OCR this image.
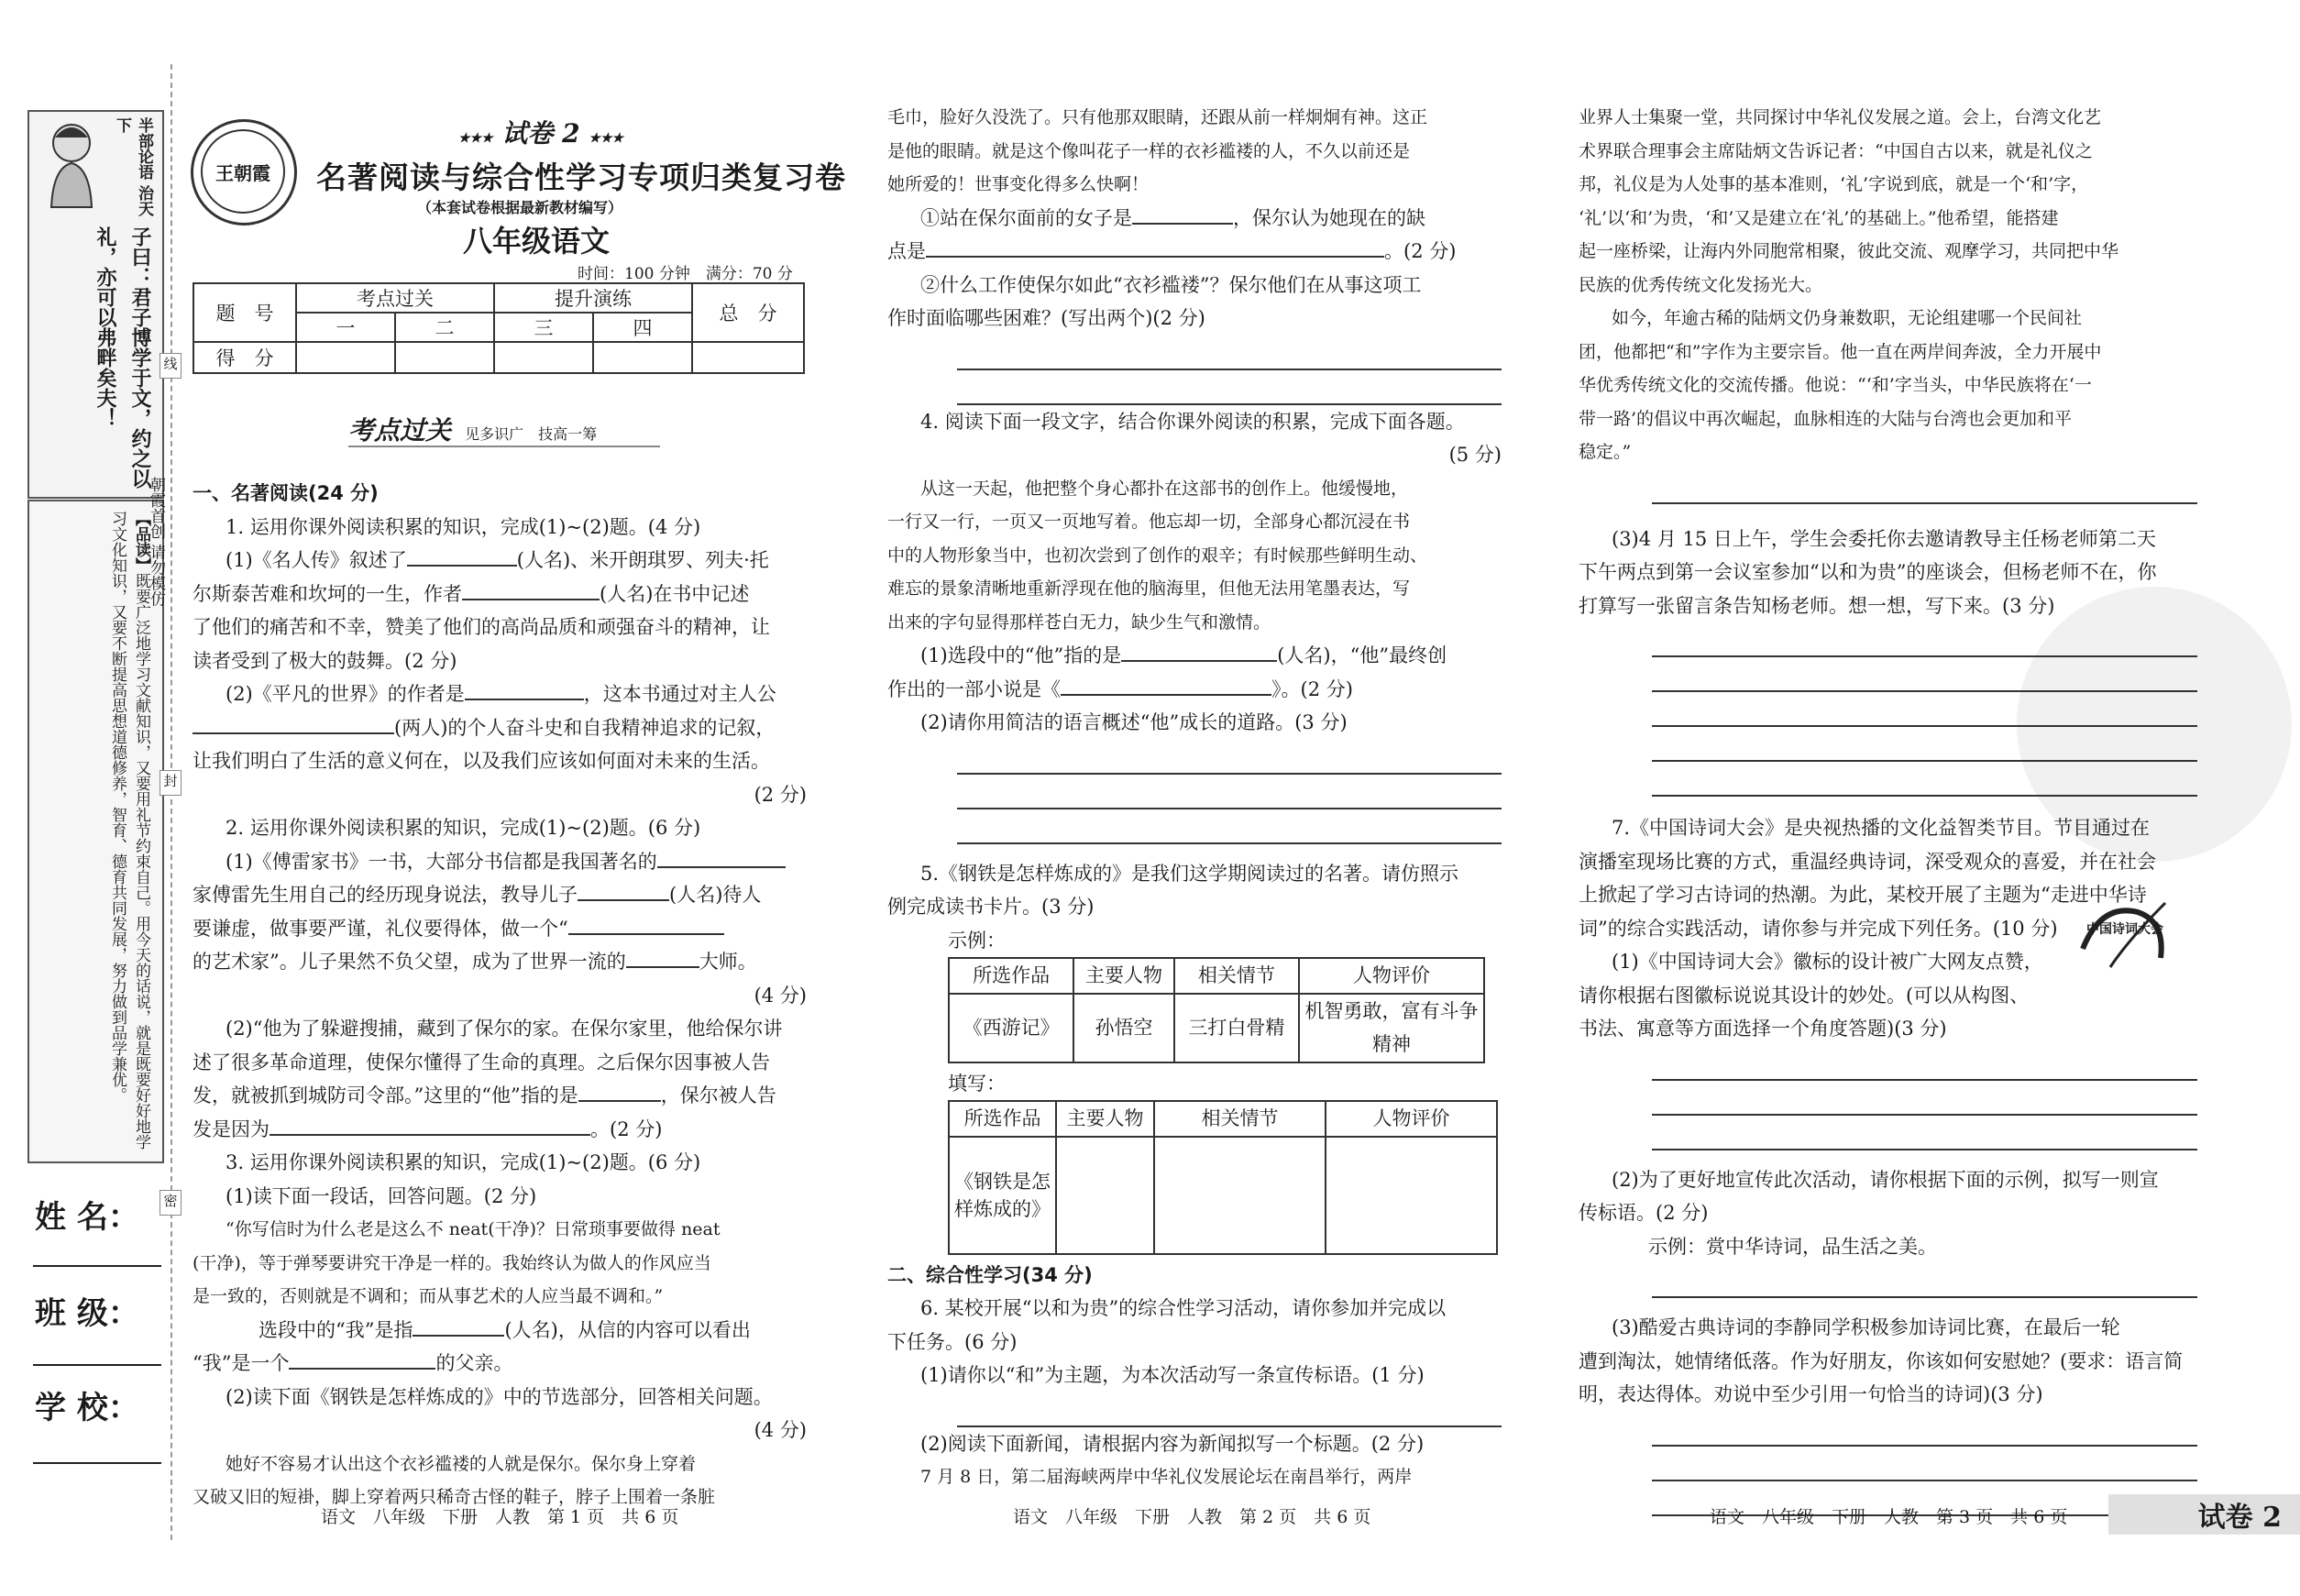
半部论语 治天下
子曰：君子博学于文，约之以礼，亦可以弗畔矣夫！
【品读】既要广泛地学习文献知识，又要用礼节约束自己。用今天的话说，就是既要好好地学习文化知识，又要不断提高思想道德修养，智育、德育共同发展，努力做到品学兼优。	朝霞首创 请勿模仿
姓 名：
班 级：
学 校：
线
封
密
王朝霞
★★★ 试卷 2 ★★★
名著阅读与综合性学习专项归类复习卷
（本套试卷根据最新教材编写）
八年级语文
时间：100 分钟　满分：70 分
题　号	考点过关		提升演练		总　分
	一	二	三	四	
得　分					
考点过关 见多识广　技高一筹
一、名著阅读(24 分)
1. 运用你课外阅读积累的知识，完成(1)~(2)题。(4 分)
(1)《名人传》叙述了	(人名)、米开朗琪罗、列夫·托
尔斯泰苦难和坎坷的一生，作者	(人名)在书中记述
了他们的痛苦和不幸，赞美了他们的高尚品质和顽强奋斗的精神，让
读者受到了极大的鼓舞。(2 分)
(2)《平凡的世界》的作者是	，这本书通过对主人公
(两人)的个人奋斗史和自我精神追求的记叙，
让我们明白了生活的意义何在，以及我们应该如何面对未来的生活。
(2 分)
2. 运用你课外阅读积累的知识，完成(1)~(2)题。(6 分)
(1)《傅雷家书》一书，大部分书信都是我国著名的
家傅雷先生用自己的经历现身说法，教导儿子	(人名)待人
要谦虚，做事要严谨，礼仪要得体，做一个“
的艺术家”。儿子果然不负父望，成为了世界一流的	大师。
(4 分)
(2)“他为了躲避搜捕，藏到了保尔的家。在保尔家里，他给保尔讲
述了很多革命道理，使保尔懂得了生命的真理。之后保尔因事被人告
发，就被抓到城防司令部。”这里的“他”指的是	，保尔被人告
发是因为	。(2 分)
3. 运用你课外阅读积累的知识，完成(1)~(2)题。(6 分)
(1)读下面一段话，回答问题。(2 分)
“你写信时为什么老是这么不 neat(干净)？日常琐事要做得 neat
(干净)，等于弹琴要讲究干净是一样的。我始终认为做人的作风应当
是一致的，否则就是不调和；而从事艺术的人应当最不调和。”
选段中的“我”是指	(人名)，从信的内容可以看出
“我”是一个	的父亲。
(2)读下面《钢铁是怎样炼成的》中的节选部分，回答相关问题。
(4 分)
她好不容易才认出这个衣衫褴褛的人就是保尔。保尔身上穿着
又破又旧的短褂，脚上穿着两只稀奇古怪的鞋子，脖子上围着一条脏
毛巾，脸好久没洗了。只有他那双眼睛，还跟从前一样炯炯有神。这正
是他的眼睛。就是这个像叫花子一样的衣衫褴褛的人，不久以前还是
她所爱的！世事变化得多么快啊！
①站在保尔面前的女子是	，保尔认为她现在的缺
点是	。(2 分)
②什么工作使保尔如此“衣衫褴褛”？保尔他们在从事这项工
作时面临哪些困难？(写出两个)(2 分)
4. 阅读下面一段文字，结合你课外阅读的积累，完成下面各题。
(5 分)
从这一天起，他把整个身心都扑在这部书的创作上。他缓慢地，
一行又一行，一页又一页地写着。他忘却一切，全部身心都沉浸在书
中的人物形象当中，也初次尝到了创作的艰辛；有时候那些鲜明生动、
难忘的景象清晰地重新浮现在他的脑海里，但他无法用笔墨表达，写
出来的字句显得那样苍白无力，缺少生气和激情。
(1)选段中的“他”指的是	(人名)，“他”最终创
作出的一部小说是《	》。(2 分)
(2)请你用简洁的语言概述“他”成长的道路。(3 分)
5.《钢铁是怎样炼成的》是我们这学期阅读过的名著。请仿照示
例完成读书卡片。(3 分)
示例：
所选作品	主要人物	相关情节	人物评价
《西游记》	孙悟空	三打白骨精	机智勇敢，富有斗争精神
填写：
所选作品	主要人物	相关情节	人物评价
《钢铁是怎样炼成的》			
二、综合性学习(34 分)
6. 某校开展“以和为贵”的综合性学习活动，请你参加并完成以
下任务。(6 分)
(1)请你以“和”为主题，为本次活动写一条宣传标语。(1 分)
(2)阅读下面新闻，请根据内容为新闻拟写一个标题。(2 分)
7 月 8 日，第二届海峡两岸中华礼仪发展论坛在南昌举行，两岸
业界人士集聚一堂，共同探讨中华礼仪发展之道。会上，台湾文化艺
术界联合理事会主席陆炳文告诉记者：“中国自古以来，就是礼仪之
邦，礼仪是为人处事的基本准则，‘礼’字说到底，就是一个‘和’字，
‘礼’以‘和’为贵，‘和’又是建立在‘礼’的基础上。”他希望，能搭建
起一座桥梁，让海内外同胞常相聚，彼此交流、观摩学习，共同把中华
民族的优秀传统文化发扬光大。
如今，年逾古稀的陆炳文仍身兼数职，无论组建哪一个民间社
团，他都把“和”字作为主要宗旨。他一直在两岸间奔波，全力开展中
华优秀传统文化的交流传播。他说：“‘和’字当头，中华民族将在‘一
带一路’的倡议中再次崛起，血脉相连的大陆与台湾也会更加和平
稳定。”
(3)4 月 15 日上午，学生会委托你去邀请教导主任杨老师第二天
下午两点到第一会议室参加“以和为贵”的座谈会，但杨老师不在，你
打算写一张留言条告知杨老师。想一想，写下来。(3 分)
7.《中国诗词大会》是央视热播的文化益智类节目。节目通过在
演播室现场比赛的方式，重温经典诗词，深受观众的喜爱，并在社会
上掀起了学习古诗词的热潮。为此，某校开展了主题为“走进中华诗
词”的综合实践活动，请你参与并完成下列任务。(10 分)
(1)《中国诗词大会》徽标的设计被广大网友点赞，
请你根据右图徽标说说其设计的妙处。(可以从构图、
书法、寓意等方面选择一个角度答题)(3 分)
(2)为了更好地宣传此次活动，请你根据下面的示例，拟写一则宣
传标语。(2 分)
示例：赏中华诗词，品生活之美。
(3)酷爱古典诗词的李静同学积极参加诗词比赛，在最后一轮
遭到淘汰，她情绪低落。作为好朋友，你该如何安慰她？(要求：语言简
明，表达得体。劝说中至少引用一句恰当的诗词)(3 分)
中国诗词大会
语文　八年级　下册　人教　第 1 页　共 6 页	语文　八年级　下册　人教　第 2 页　共 6 页	语文　八年级　下册　人教　第 3 页　共 6 页	试卷 2
